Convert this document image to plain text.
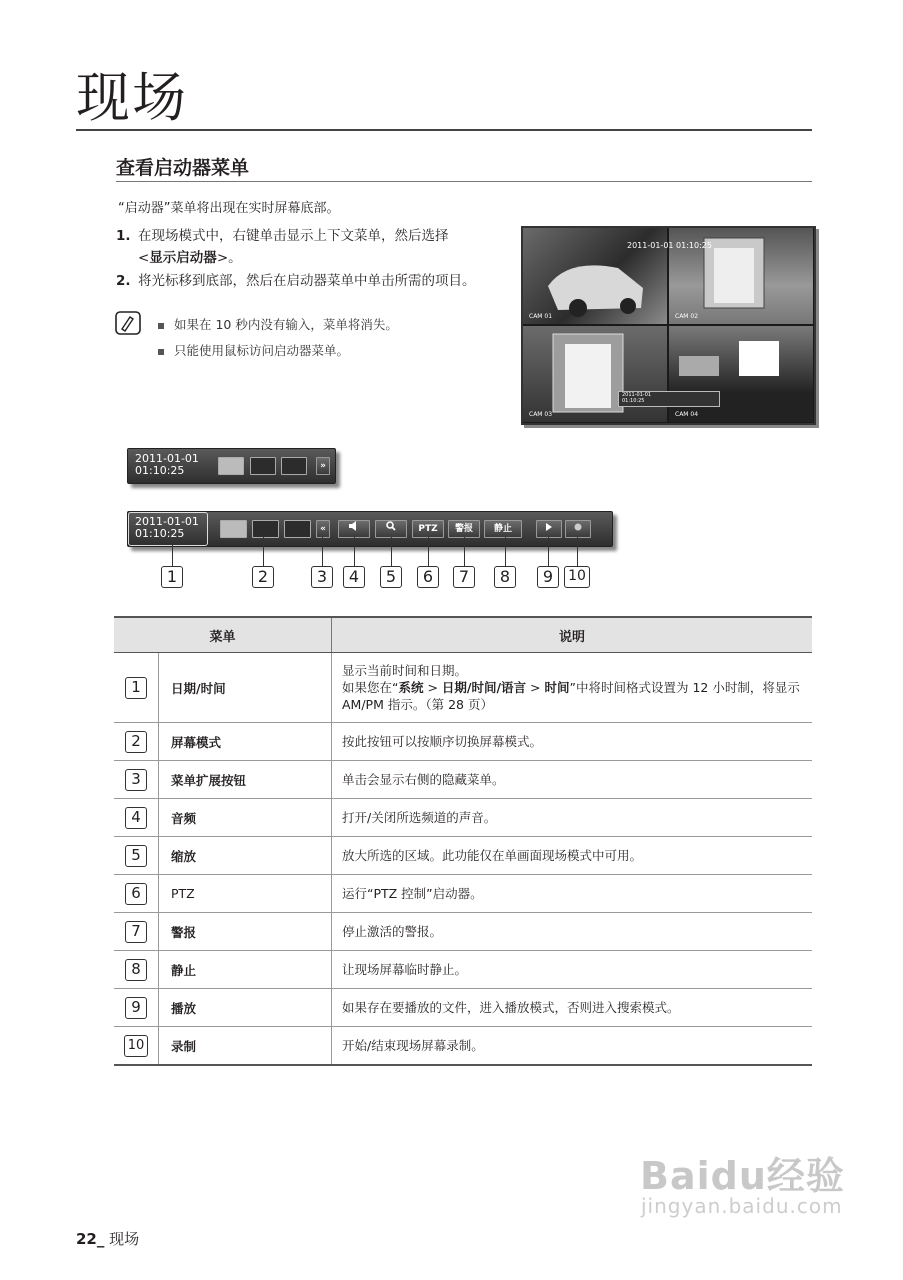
现场
查看启动器菜单
“启动器”菜单将出现在实时屏幕底部。
1. 在现场模式中，右键单击显示上下文菜单，然后选择
<显示启动器>。
2. 将光标移到底部，然后在启动器菜单中单击所需的项目。
如果在 10 秒内没有输入，菜单将消失。
只能使用鼠标访问启动器菜单。
CAM 01	CAM 02
2011-01-01 01:10:25
CAM 03	CAM 04
2011-01-01
01:10:25
2011-01-01
01:10:25	»
2011-01-01
01:10:25	«	PTZ	警报	静止
1	2	3	4	5	6	7	8	9	10
菜单		说明
1	日期/时间	显示当前时间和日期。
如果您在“系统 > 日期/时间/语言 > 时间”中将时间格式设置为 12 小时制，将显示
AM/PM 指示。（第 28 页）

2	屏幕模式	按此按钮可以按顺序切换屏幕模式。
3	菜单扩展按钮	单击会显示右侧的隐藏菜单。
4	音频	打开/关闭所选频道的声音。
5	缩放	放大所选的区域。此功能仅在单画面现场模式中可用。
6	PTZ	运行“PTZ 控制”启动器。
7	警报	停止激活的警报。
8	静止	让现场屏幕临时静止。
9	播放	如果存在要播放的文件，进入播放模式，否则进入搜索模式。
10	录制	开始/结束现场屏幕录制。
Baidu经验
jingyan.baidu.com
22_ 现场
